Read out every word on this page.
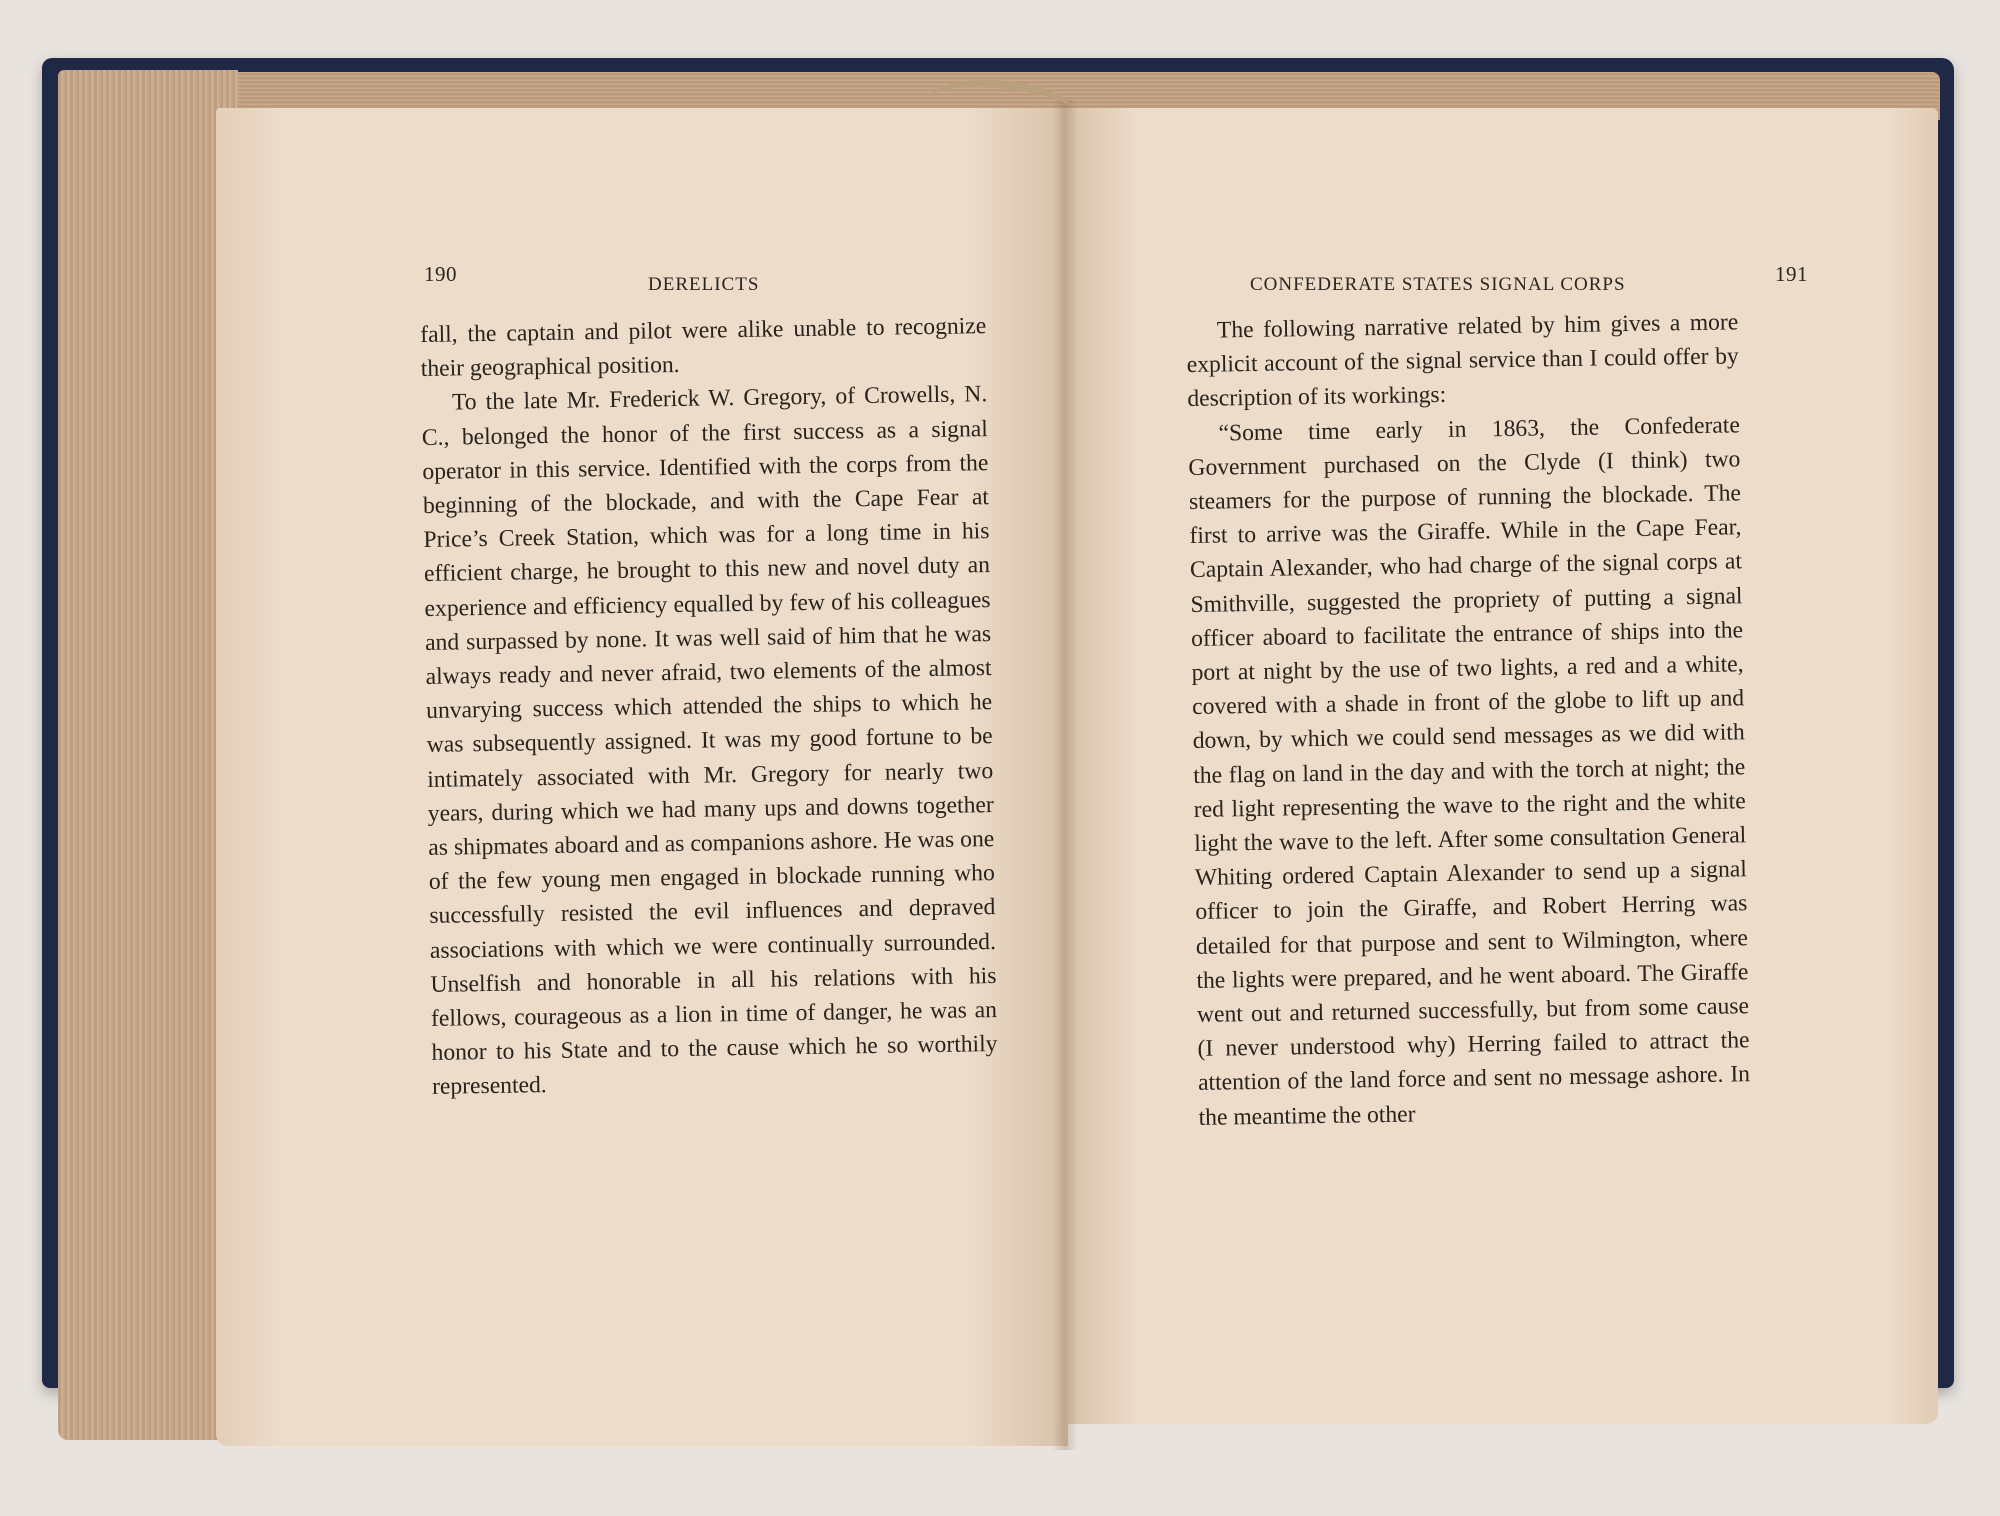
190	DERELICTS

fall, the captain and pilot were alike unable to recognize their geographical position.

To the late Mr. Frederick W. Gregory, of Crowells, N. C., belonged the honor of the first success as a signal operator in this service. Identified with the corps from the beginning of the blockade, and with the Cape Fear at Price’s Creek Station, which was for a long time in his efficient charge, he brought to this new and novel duty an experience and efficiency equalled by few of his colleagues and surpassed by none. It was well said of him that he was always ready and never afraid, two elements of the almost unvarying success which attended the ships to which he was subsequently assigned. It was my good fortune to be intimately associated with Mr. Gregory for nearly two years, during which we had many ups and downs together as shipmates aboard and as companions ashore. He was one of the few young men engaged in blockade running who successfully resisted the evil influences and depraved associations with which we were continually surrounded. Unselfish and honorable in all his relations with his fellows, courageous as a lion in time of danger, he was an honor to his State and to the cause which he so worthily represented.

CONFEDERATE STATES SIGNAL CORPS	191

The following narrative related by him gives a more explicit account of the signal service than I could offer by description of its workings:

“Some time early in 1863, the Confederate Government purchased on the Clyde (I think) two steamers for the purpose of running the blockade. The first to arrive was the Giraffe. While in the Cape Fear, Captain Alexander, who had charge of the signal corps at Smithville, suggested the propriety of putting a signal officer aboard to facilitate the entrance of ships into the port at night by the use of two lights, a red and a white, covered with a shade in front of the globe to lift up and down, by which we could send messages as we did with the flag on land in the day and with the torch at night; the red light representing the wave to the right and the white light the wave to the left. After some consultation General Whiting ordered Captain Alexander to send up a signal officer to join the Giraffe, and Robert Herring was detailed for that purpose and sent to Wilmington, where the lights were prepared, and he went aboard. The Giraffe went out and returned successfully, but from some cause (I never understood why) Herring failed to attract the attention of the land force and sent no message ashore. In the meantime the other
